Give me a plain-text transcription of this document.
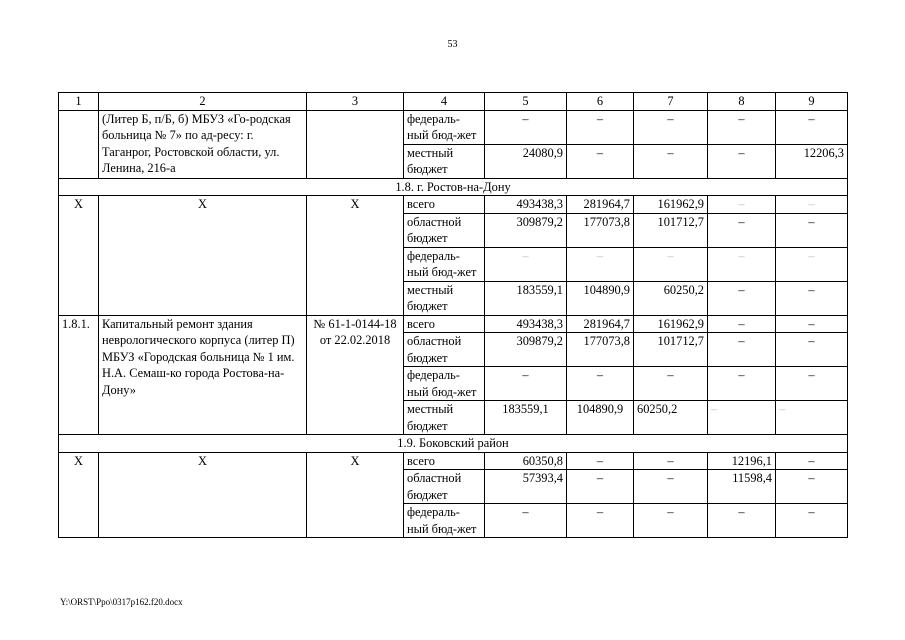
53
1	2	3	4	5	6	7	8	9
	(Литер Б, п/Б, б) МБУЗ «Го-родская больница № 7» по ад-ресу: г. Таганрог, Ростовской области, ул. Ленина, 216-а		федераль-ный бюд-жет	–	–	–	–	–
			местный бюджет	24080,9	–	–	–	12206,3
1.8. г. Ростов-на-Дону								
Х	Х	Х	всего	493438,3	281964,7	161962,9	–	–
			областной бюджет	309879,2	177073,8	101712,7	–	–
			федераль-ный бюд-жет	–	–	–	–	–
			местный бюджет	183559,1	104890,9	60250,2	–	–
1.8.1.	Капитальный ремонт здания неврологического корпуса (литер П) МБУЗ «Городская больница № 1 им. Н.А. Семаш-ко города Ростова-на-Дону»	№ 61-1-0144-18 от 22.02.2018	всего	493438,3	281964,7	161962,9	–	–
			областной бюджет	309879,2	177073,8	101712,7	–	–
			федераль-ный бюд-жет	–	–	–	–	–
			местный бюджет	183559,1	104890,9	60250,2	–	–
1.9. Боковский район								
Х	Х	Х	всего	60350,8	–	–	12196,1	–
			областной бюджет	57393,4	–	–	11598,4	–
			федераль-ный бюд-жет	–	–	–	–	–
Y:\ORST\Ppo\0317p162.f20.docx
